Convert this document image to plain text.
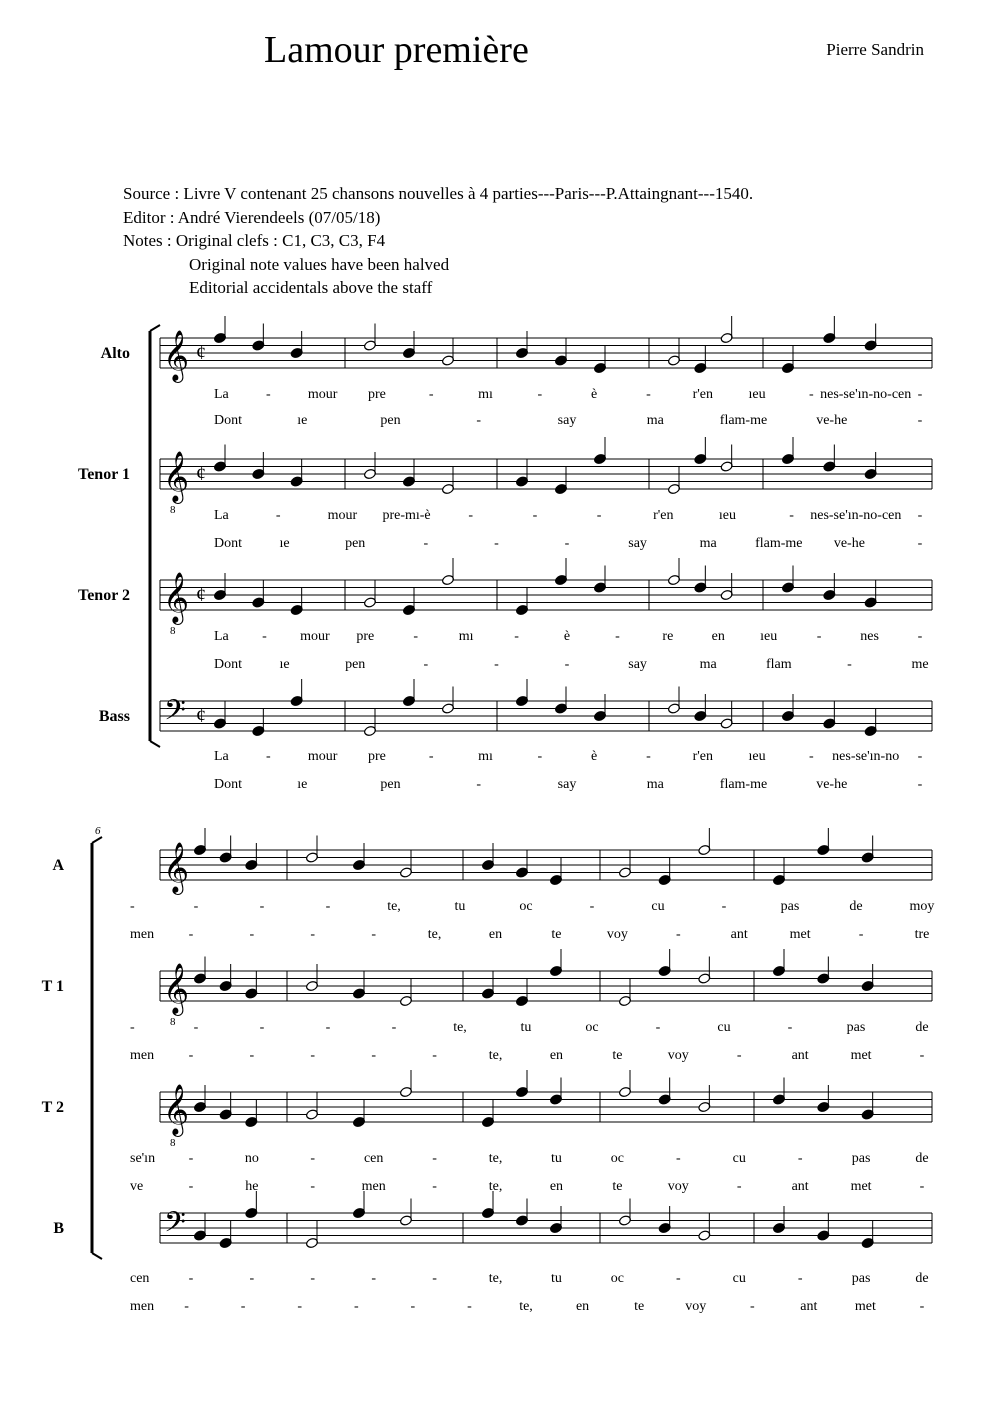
Lamour première	Pierre Sandrin
Source : Livre V contenant 25 chansons nouvelles à 4 parties---Paris---P.Attaingnant---1540.
Editor : André Vierendeels (07/05/18)
Notes : Original clefs : C1, C3, C3, F4
Original note values have been halved
Editorial accidentals above the staff
Alto 𝄞 ¢
La	-	mour pre	-	mı	-	è	-	r'en	ıeu	- nes-se'ın-no-cen -
Dont	ıe	pen	-	say	ma	flam-me	ve-he	-
Tenor 1 𝄞
8
¢
La	-	mour pre-mı-è	-	-	-	r'en	ıeu	- nes-se'ın-no-cen -
Dont	ıe	pen	-	-	-	say	ma	flam-me ve-he	-
Tenor 2 𝄞
8
¢
La - mour pre	-	mı	-	è	-	re	en	ıeu	-	nes	-
Dont	ıe	pen	-	-	-	say	ma	flam	-	me
Bass 𝄢 ¢
La	-	mour pre	-	mı	-	è	-	r'en	ıeu	- nes-se'ın-no -
Dont	ıe	pen	-	say	ma	flam-me	ve-he	-
6
A 𝄞
-	-	-	-	te,	tu	oc	-	cu	-	pas	de	moy
men -	-	-	-	te,	en	te	voy	-	ant	met	-	tre
T 1 𝄞
8
-	-	-	-	-	te,	tu	oc	-	cu	-	pas	de
men -	-	-	-	-	te,	en	te	voy	-	ant	met	-
T 2 𝄞
8
se'ın -	no	-	cen	-	te,	tu	oc	-	cu	-	pas	de
ve	-	he	-	men	-	te,	en	te	voy	-	ant	met	-
B	𝄢
cen	-	-	-	-	-	te,	tu	oc	-	cu	-	pas	de
men -	-	-	-	-	-	te,	en	te	voy	-	ant	met	-
